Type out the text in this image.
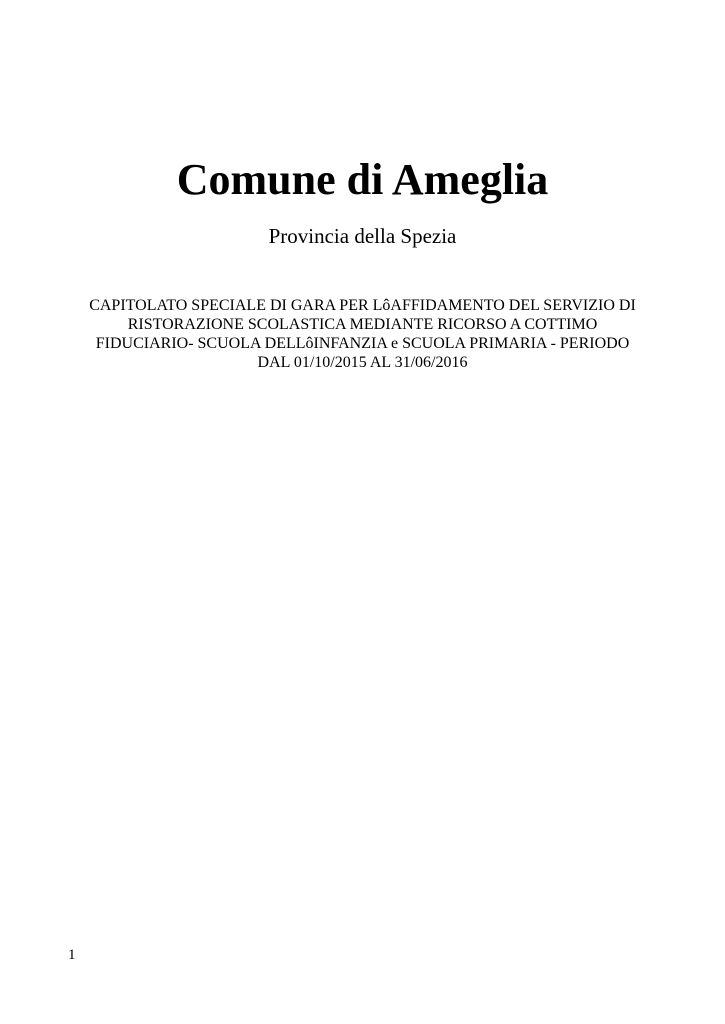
Comune di Ameglia
Provincia della Spezia
CAPITOLATO SPECIALE DI GARA PER LôAFFIDAMENTO DEL SERVIZIO DI
RISTORAZIONE SCOLASTICA MEDIANTE RICORSO A COTTIMO
FIDUCIARIO- SCUOLA DELLôINFANZIA e SCUOLA PRIMARIA - PERIODO
DAL 01/10/2015 AL 31/06/2016
1
